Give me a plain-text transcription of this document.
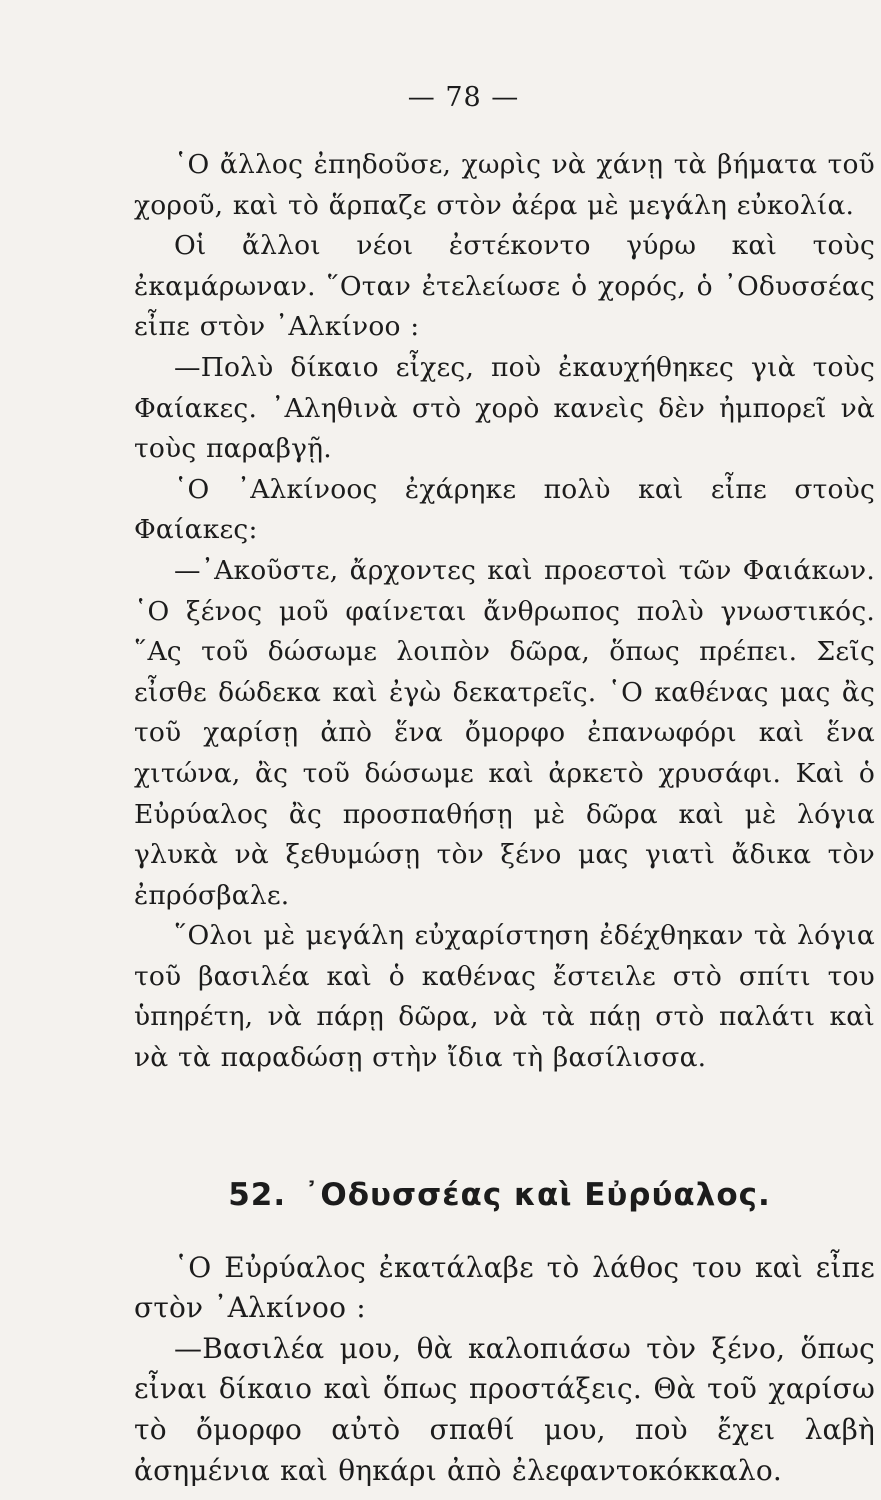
— 78 —

῾Ο ἄλλος ἐπηδοῦσε, χωρὶς νὰ χάνῃ τὰ βήματα τοῦ χοροῦ, καὶ τὸ ἅρπαζε στὸν ἀέρα μὲ μεγάλη εὐκολία.

Οἱ ἄλλοι νέοι ἐστέκοντο γύρω καὶ τοὺς ἐκαμάρωναν. ῞Οταν ἐτελείωσε ὁ χορός, ὁ ᾿Οδυσσέας εἶπε στὸν ᾿Αλκίνοο :

—Πολὺ δίκαιο εἶχες, ποὺ ἐκαυχήθηκες γιὰ τοὺς Φαίακες. ᾿Αληθινὰ στὸ χορὸ κανεὶς δὲν ἠμπορεῖ νὰ τοὺς παραβγῇ.

῾Ο ᾿Αλκίνοος ἐχάρηκε πολὺ καὶ εἶπε στοὺς Φαίακες:

—᾿Ακοῦστε, ἄρχοντες καὶ προεστοὶ τῶν Φαιάκων. ῾Ο ξένος μοῦ φαίνεται ἄνθρωπος πολὺ γνωστικός. ῞Ας τοῦ δώσωμε λοιπὸν δῶρα, ὅπως πρέπει. Σεῖς εἶσθε δώδεκα καὶ ἐγὼ δεκατρεῖς. ῾Ο καθένας μας ἂς τοῦ χαρίσῃ ἀπὸ ἕνα ὄμορφο ἐπανωφόρι καὶ ἕνα χιτώνα, ἂς τοῦ δώσωμε καὶ ἀρκετὸ χρυσάφι. Καὶ ὁ Εὐρύαλος ἂς προσπαθήσῃ μὲ δῶρα καὶ μὲ λόγια γλυκὰ νὰ ξεθυμώσῃ τὸν ξένο μας γιατὶ ἄδικα τὸν ἐπρόσβαλε.

῞Ολοι μὲ μεγάλη εὐχαρίστηση ἐδέχθηκαν τὰ λόγια τοῦ βασιλέα καὶ ὁ καθένας ἔστειλε στὸ σπίτι του ὑπηρέτη, νὰ πάρῃ δῶρα, νὰ τὰ πάῃ στὸ παλάτι καὶ νὰ τὰ παραδώσῃ στὴν ἴδια τὴ βασίλισσα.

52. ᾿Οδυσσέας καὶ Εὐρύαλος.

῾Ο Εὐρύαλος ἐκατάλαβε τὸ λάθος του καὶ εἶπε στὸν ᾿Αλκίνοο :

—Βασιλέα μου, θὰ καλοπιάσω τὸν ξένο, ὅπως εἶναι δίκαιο καὶ ὅπως προστάξεις. Θὰ τοῦ χαρίσω τὸ ὄμορφο αὐτὸ σπαθί μου, ποὺ ἔχει λαβὴ ἀσημένια καὶ θηκάρι ἀπὸ ἐλεφαντοκόκκαλο.
